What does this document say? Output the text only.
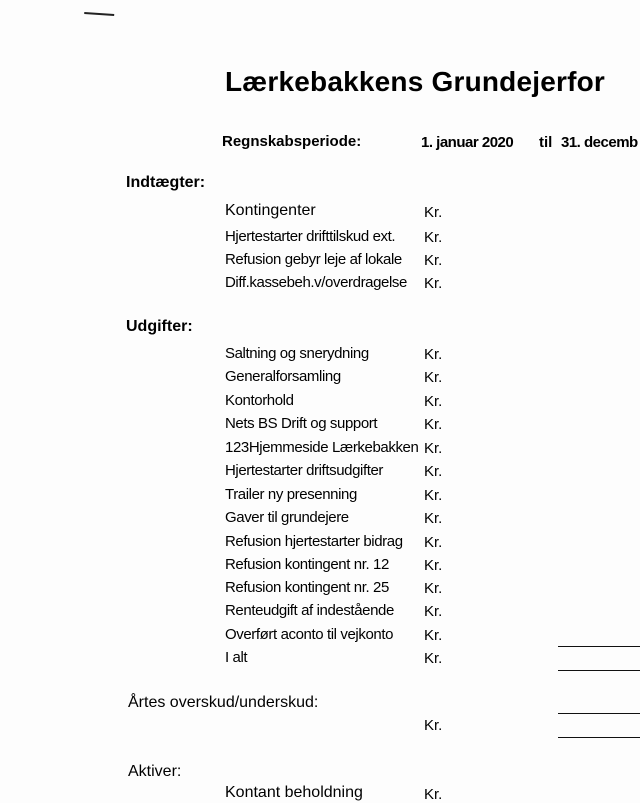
Lærkebakkens Grundejerfor
Regnskabsperiode:	1. januar 2020 til 31. decemb
Indtægter:
Kontingenter	Kr.
Hjertestarter drifttilskud ext.	Kr.
Refusion gebyr leje af lokale	Kr.
Diff.kassebeh.v/overdragelse	Kr.
Udgifter:
Saltning og snerydning	Kr.
Generalforsamling	Kr.
Kontorhold	Kr.
Nets BS Drift og support	Kr.
123Hjemmeside Lærkebakken Kr.
Hjertestarter driftsudgifter	Kr.
Trailer ny presenning	Kr.
Gaver til grundejere	Kr.
Refusion hjertestarter bidrag	Kr.
Refusion kontingent nr. 12	Kr.
Refusion kontingent nr. 25	Kr.
Renteudgift af indestående	Kr.
Overført aconto til vejkonto	Kr.
I alt	Kr.
Årtes overskud/underskud:
Kr.
Aktiver:
Kontant beholdning	Kr.
